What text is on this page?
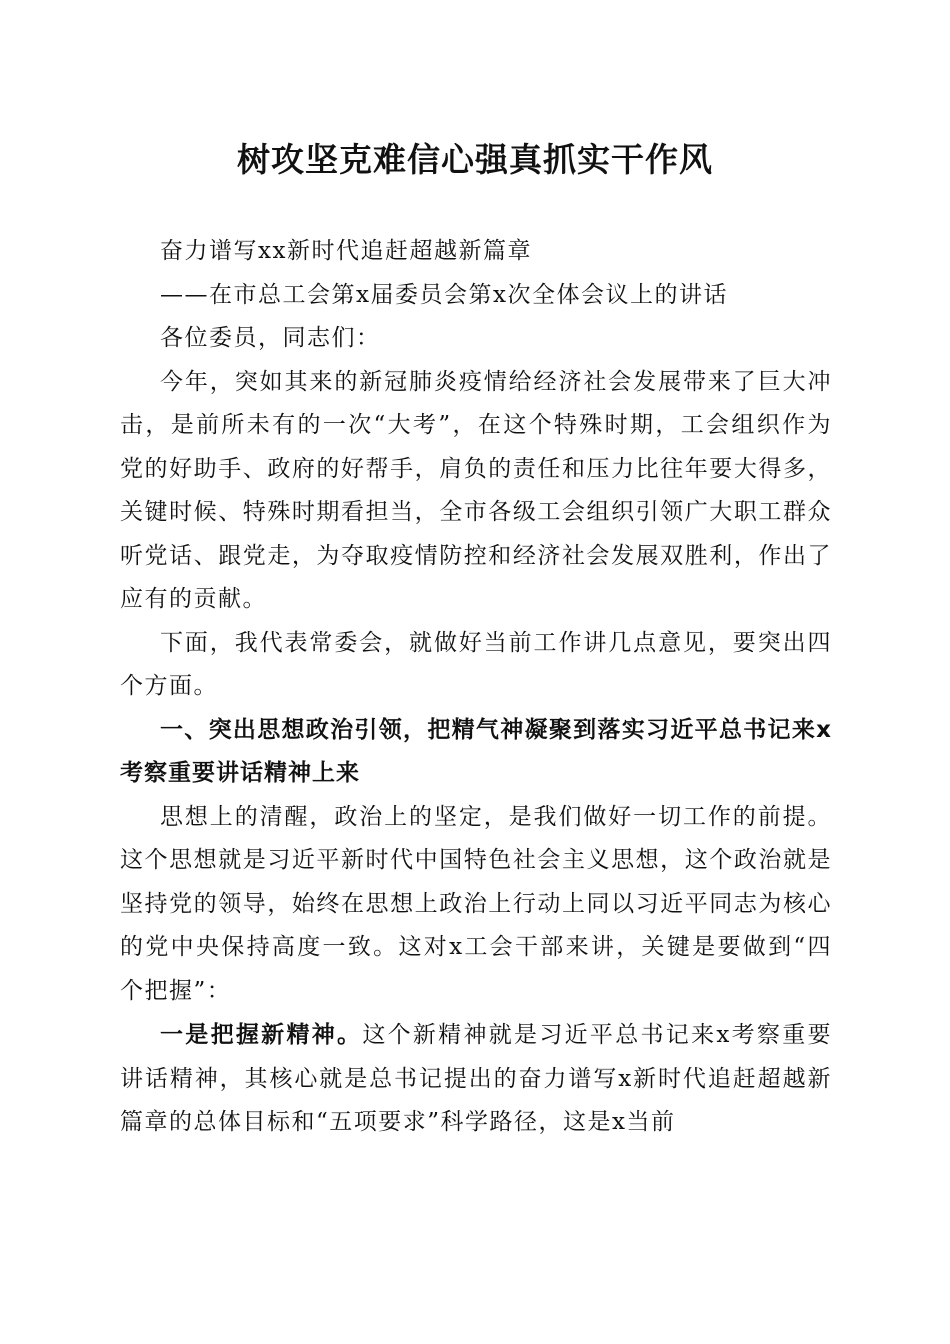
树攻坚克难信心强真抓实干作风

奋力谱写xx新时代追赶超越新篇章

——在市总工会第x届委员会第x次全体会议上的讲话

各位委员，同志们：

今年，突如其来的新冠肺炎疫情给经济社会发展带来了巨大冲击，是前所未有的一次“大考”，在这个特殊时期，工会组织作为党的好助手、政府的好帮手，肩负的责任和压力比往年要大得多，关键时候、特殊时期看担当，全市各级工会组织引领广大职工群众听党话、跟党走，为夺取疫情防控和经济社会发展双胜利，作出了应有的贡献。

下面，我代表常委会，就做好当前工作讲几点意见，要突出四个方面。

一、突出思想政治引领，把精气神凝聚到落实习近平总书记来x考察重要讲话精神上来

思想上的清醒，政治上的坚定，是我们做好一切工作的前提。这个思想就是习近平新时代中国特色社会主义思想，这个政治就是坚持党的领导，始终在思想上政治上行动上同以习近平同志为核心的党中央保持高度一致。这对x工会干部来讲，关键是要做到“四个把握”：

一是把握新精神。这个新精神就是习近平总书记来x考察重要讲话精神，其核心就是总书记提出的奋力谱写x新时代追赶超越新篇章的总体目标和“五项要求”科学路径，这是x当前
